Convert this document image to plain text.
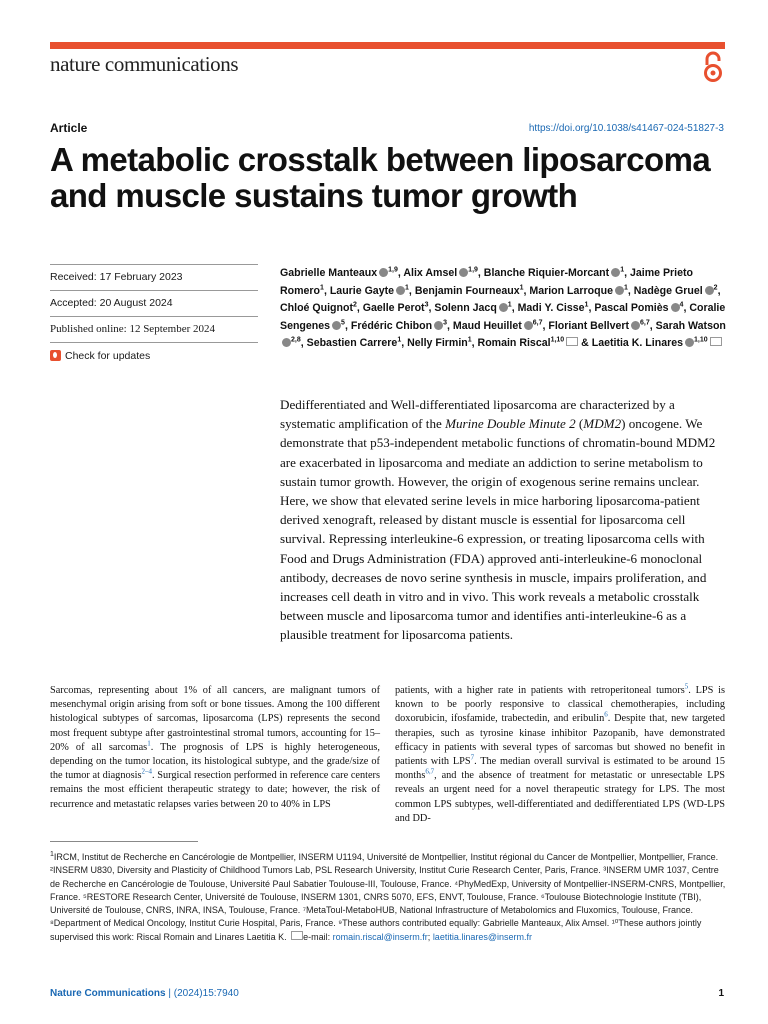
nature communications
Article	https://doi.org/10.1038/s41467-024-51827-3
A metabolic crosstalk between liposarcoma and muscle sustains tumor growth
Received: 17 February 2023
Accepted: 20 August 2024
Published online: 12 September 2024
Check for updates
Gabrielle Manteaux $^{1,9}$, Alix Amsel $^{1,9}$, Blanche Riquier-Morcant $^1$, Jaime Prieto Romero$^1$, Laurie Gayte $^1$, Benjamin Fourneaux$^1$, Marion Larroque $^1$, Nadège Gruel $^2$, Chloé Quignot$^2$, Gaelle Perot$^3$, Solenn Jacq $^1$, Madi Y. Cisse$^1$, Pascal Pomiès $^4$, Coralie Sengenes $^5$, Frédéric Chibon $^3$, Maud Heuillet $^{6,7}$, Floriant Bellvert $^{6,7}$, Sarah Watson$^{2,8}$, Sebastien Carrere$^1$, Nelly Firmin$^1$, Romain Riscal$^{1,10}$ & Laetitia K. Linares $^{1,10}$

Dedifferentiated and Well-differentiated liposarcoma are characterized by a systematic amplification of the Murine Double Minute 2 (MDM2) oncogene. We demonstrate that p53-independent metabolic functions of chromatin-bound MDM2 are exacerbated in liposarcoma and mediate an addiction to serine metabolism to sustain tumor growth. However, the origin of exogenous serine remains unclear. Here, we show that elevated serine levels in mice harboring liposarcoma-patient derived xenograft, released by distant muscle is essential for liposarcoma cell survival. Repressing interleukine-6 expression, or treating liposarcoma cells with Food and Drugs Administration (FDA) approved anti-interleukine-6 monoclonal antibody, decreases de novo serine synthesis in muscle, impairs proliferation, and increases cell death in vitro and in vivo. This work reveals a metabolic crosstalk between muscle and liposarcoma tumor and identifies anti-interleukine-6 as a plausible treatment for liposarcoma patients.

Sarcomas, representing about 1% of all cancers, are malignant tumors of mesenchymal origin arising from soft or bone tissues. Among the 100 different histological subtypes of sarcomas, liposarcoma (LPS) represents the second most frequent subtype after gastrointestinal stromal tumors, accounting for 15–20% of all sarcomas$^1$. The prognosis of LPS is highly heterogeneous, depending on the tumor location, its histological subtype, and the grade/size of the tumor at diagnosis$^{2-4}$. Surgical resection performed in reference care centers remains the most efficient therapeutic strategy to date; however, the risk of recurrence and metastatic relapses varies between 20 to 40% in LPS

patients, with a higher rate in patients with retroperitoneal tumors$^5$. LPS is known to be poorly responsive to classical chemotherapies, including doxorubicin, ifosfamide, trabectedin, and eribulin$^6$. Despite that, new targeted therapies, such as tyrosine kinase inhibitor Pazopanib, have demonstrated efficacy in patients with several types of sarcomas but showed no benefit in patients with LPS$^7$. The median overall survival is estimated to be around 15 months$^{6,7}$, and the absence of treatment for metastatic or unresectable LPS reveals an urgent need for a novel therapeutic strategy for LPS. The most common LPS subtypes, well-differentiated and dedifferentiated LPS (WD-LPS and DD-

$^1$IRCM, Institut de Recherche en Cancérologie de Montpellier, INSERM U1194, Université de Montpellier, Institut régional du Cancer de Montpellier, Montpellier, France. ²INSERM U830, Diversity and Plasticity of Childhood Tumors Lab, PSL Research University, Institut Curie Research Center, Paris, France. ³INSERM UMR 1037, Centre de Recherche en Cancérologie de Toulouse, Université Paul Sabatier Toulouse-III, Toulouse, France. ⁴PhyMedExp, University of Montpellier-INSERM-CNRS, Montpellier, France. ⁵RESTORE Research Center, Université de Toulouse, INSERM 1301, CNRS 5070, EFS, ENVT, Toulouse, France. ⁶Toulouse Biotechnologie Institute (TBI), Université de Toulouse, CNRS, INRA, INSA, Toulouse, France. ⁷MetaToul-MetaboHUB, National Infrastructure of Metabolomics and Fluxomics, Toulouse, France. ⁸Department of Medical Oncology, Institut Curie Hospital, Paris, France. ⁹These authors contributed equally: Gabrielle Manteaux, Alix Amsel. ¹⁰These authors jointly supervised this work: Riscal Romain and Linares Laetitia K. e-mail: romain.riscal@inserm.fr; laetitia.linares@inserm.fr

Nature Communications | (2024)15:7940	1
